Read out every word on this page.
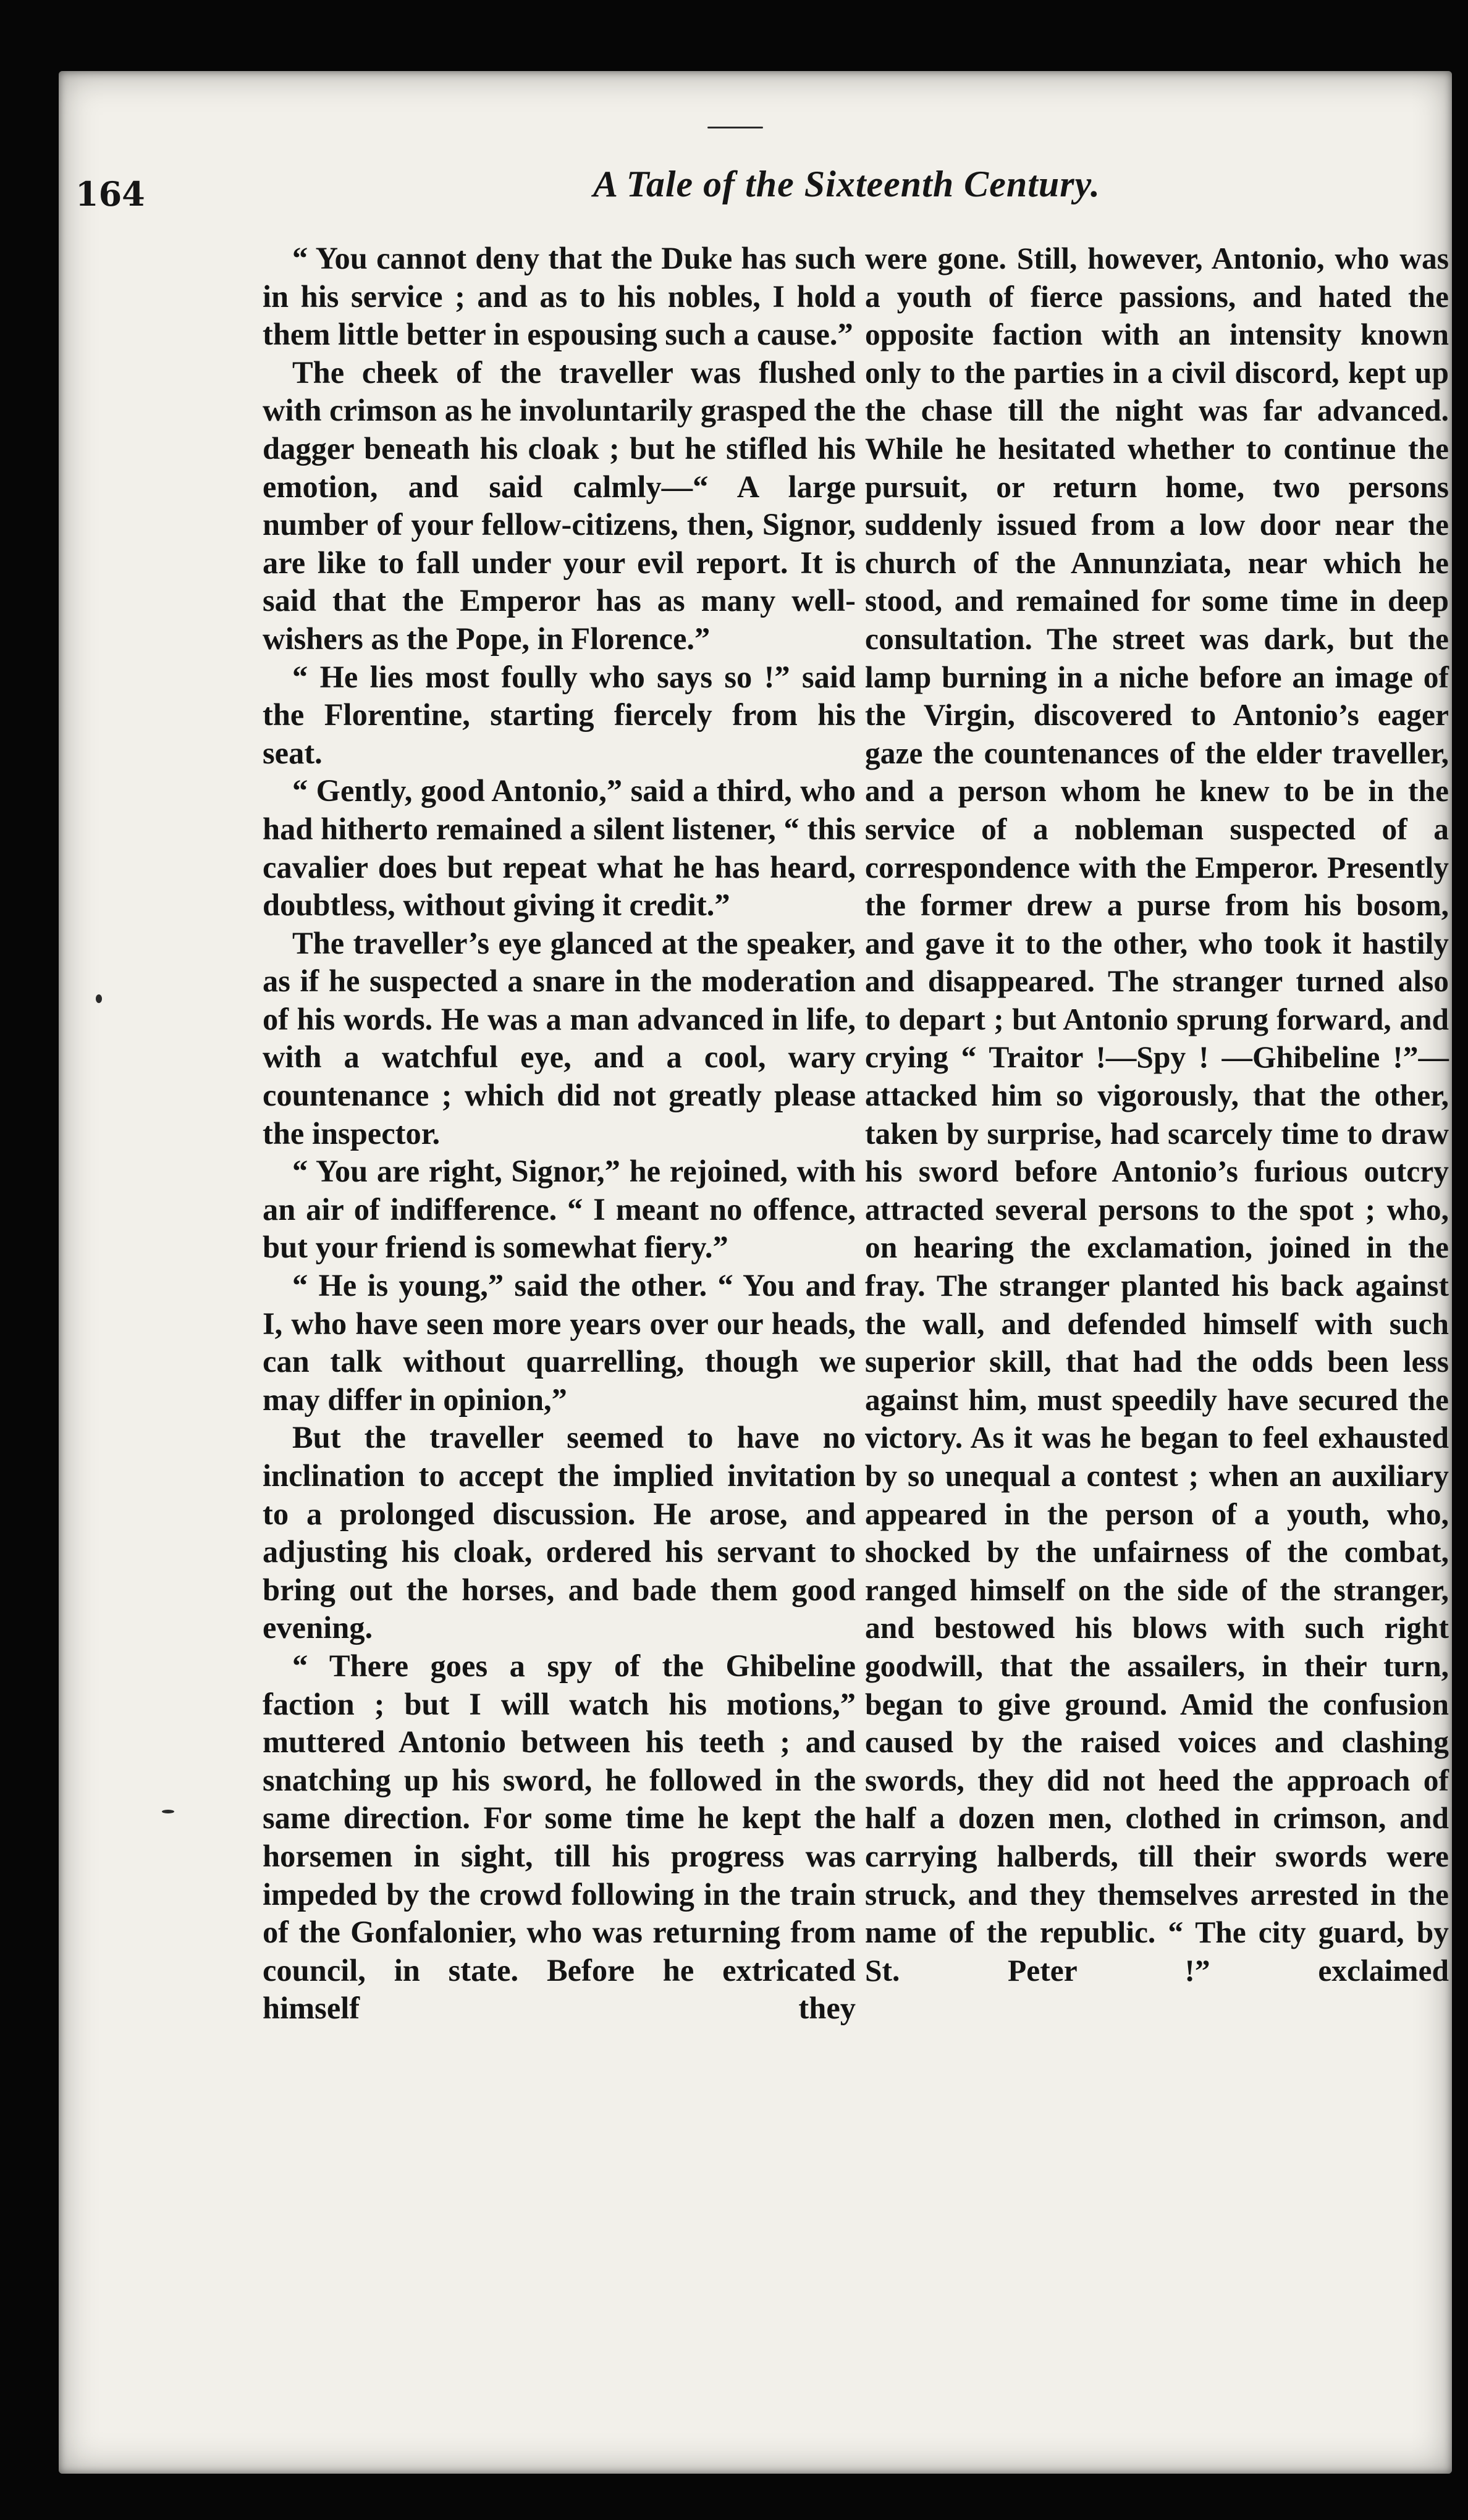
164	A Tale of the Sixteenth Century.

“ You cannot deny that the Duke has such in his service ; and as to his nobles, I hold them little better in espousing such a cause.”

The cheek of the traveller was flushed with crimson as he involuntarily grasped the dagger beneath his cloak ; but he stifled his emotion, and said calmly—“ A large number of your fellow-citizens, then, Signor, are like to fall under your evil report. It is said that the Emperor has as many well-wishers as the Pope, in Florence.”

“ He lies most foully who says so !” said the Florentine, starting fiercely from his seat.

“ Gently, good Antonio,” said a third, who had hitherto remained a silent listener, “ this cavalier does but repeat what he has heard, doubtless, without giving it credit.”

The traveller’s eye glanced at the speaker, as if he suspected a snare in the moderation of his words. He was a man advanced in life, with a watchful eye, and a cool, wary countenance ; which did not greatly please the inspector.

“ You are right, Signor,” he rejoined, with an air of indifference. “ I meant no offence, but your friend is somewhat fiery.”

“ He is young,” said the other. “ You and I, who have seen more years over our heads, can talk without quarrelling, though we may differ in opinion,”

But the traveller seemed to have no inclination to accept the implied invitation to a prolonged discussion. He arose, and adjusting his cloak, ordered his servant to bring out the horses, and bade them good evening.

“ There goes a spy of the Ghibeline faction ; but I will watch his motions,” muttered Antonio between his teeth ; and snatching up his sword, he followed in the same direction. For some time he kept the horsemen in sight, till his progress was impeded by the crowd following in the train of the Gonfalonier, who was returning from council, in state. Before he extricated himself they

were gone. Still, however, Antonio, who was a youth of fierce passions, and hated the opposite faction with an intensity known only to the parties in a civil discord, kept up the chase till the night was far advanced. While he hesitated whether to continue the pursuit, or return home, two persons suddenly issued from a low door near the church of the Annunziata, near which he stood, and remained for some time in deep consultation. The street was dark, but the lamp burning in a niche before an image of the Virgin, discovered to Antonio’s eager gaze the countenances of the elder traveller, and a person whom he knew to be in the service of a nobleman suspected of a correspondence with the Emperor. Presently the former drew a purse from his bosom, and gave it to the other, who took it hastily and disappeared. The stranger turned also to depart ; but Antonio sprung forward, and crying “ Traitor !—Spy ! —Ghibeline !”—attacked him so vigorously, that the other, taken by surprise, had scarcely time to draw his sword before Antonio’s furious outcry attracted several persons to the spot ; who, on hearing the exclamation, joined in the fray. The stranger planted his back against the wall, and defended himself with such superior skill, that had the odds been less against him, must speedily have secured the victory. As it was he began to feel exhausted by so unequal a contest ; when an auxiliary appeared in the person of a youth, who, shocked by the unfairness of the combat, ranged himself on the side of the stranger, and bestowed his blows with such right goodwill, that the assailers, in their turn, began to give ground. Amid the confusion caused by the raised voices and clashing swords, they did not heed the approach of half a dozen men, clothed in crimson, and carrying halberds, till their swords were struck, and they themselves arrested in the name of the republic. “ The city guard, by St. Peter !” exclaimed
